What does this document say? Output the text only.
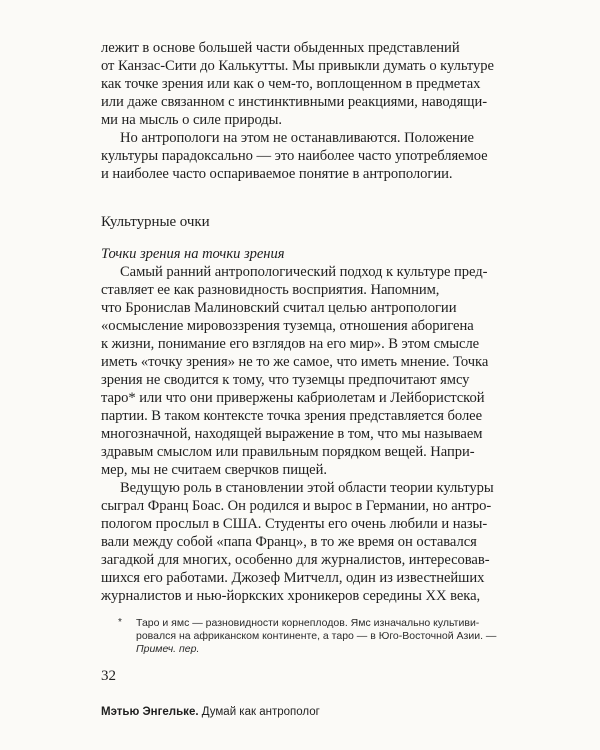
лежит в основе большей части обыденных представлений
от Канзас-Сити до Калькутты. Мы привыкли думать о культуре
как точке зрения или как о чем-то, воплощенном в предметах
или даже связанном с инстинктивными реакциями, наводящи-
ми на мысль о силе природы.
Но антропологи на этом не останавливаются. Положение
культуры парадоксально — это наиболее часто употребляемое
и наиболее часто оспариваемое понятие в антропологии.
Культурные очки
Точки зрения на точки зрения
Самый ранний антропологический подход к культуре пред-
ставляет ее как разновидность восприятия. Напомним,
что Бронислав Малиновский считал целью антропологии
«осмысление мировоззрения туземца, отношения аборигена
к жизни, понимание его взглядов на его мир». В этом смысле
иметь «точку зрения» не то же самое, что иметь мнение. Точка
зрения не сводится к тому, что туземцы предпочитают ямсу
таро* или что они привержены кабриолетам и Лейбористской
партии. В таком контексте точка зрения представляется более
многозначной, находящей выражение в том, что мы называем
здравым смыслом или правильным порядком вещей. Напри-
мер, мы не считаем сверчков пищей.
Ведущую роль в становлении этой области теории культуры
сыграл Франц Боас. Он родился и вырос в Германии, но антро-
пологом прослыл в США. Студенты его очень любили и назы-
вали между собой «папа Франц», в то же время он оставался
загадкой для многих, особенно для журналистов, интересовав-
шихся его работами. Джозеф Митчелл, один из известнейших
журналистов и нью-йоркских хроникеров середины XX века,
* Таро и ямс — разновидности корнеплодов. Ямс изначально культиви-
ровался на африканском континенте, а таро — в Юго-Восточной Азии. —
Примеч. пер.
32
Мэтью Энгельке. Думай как антрополог
